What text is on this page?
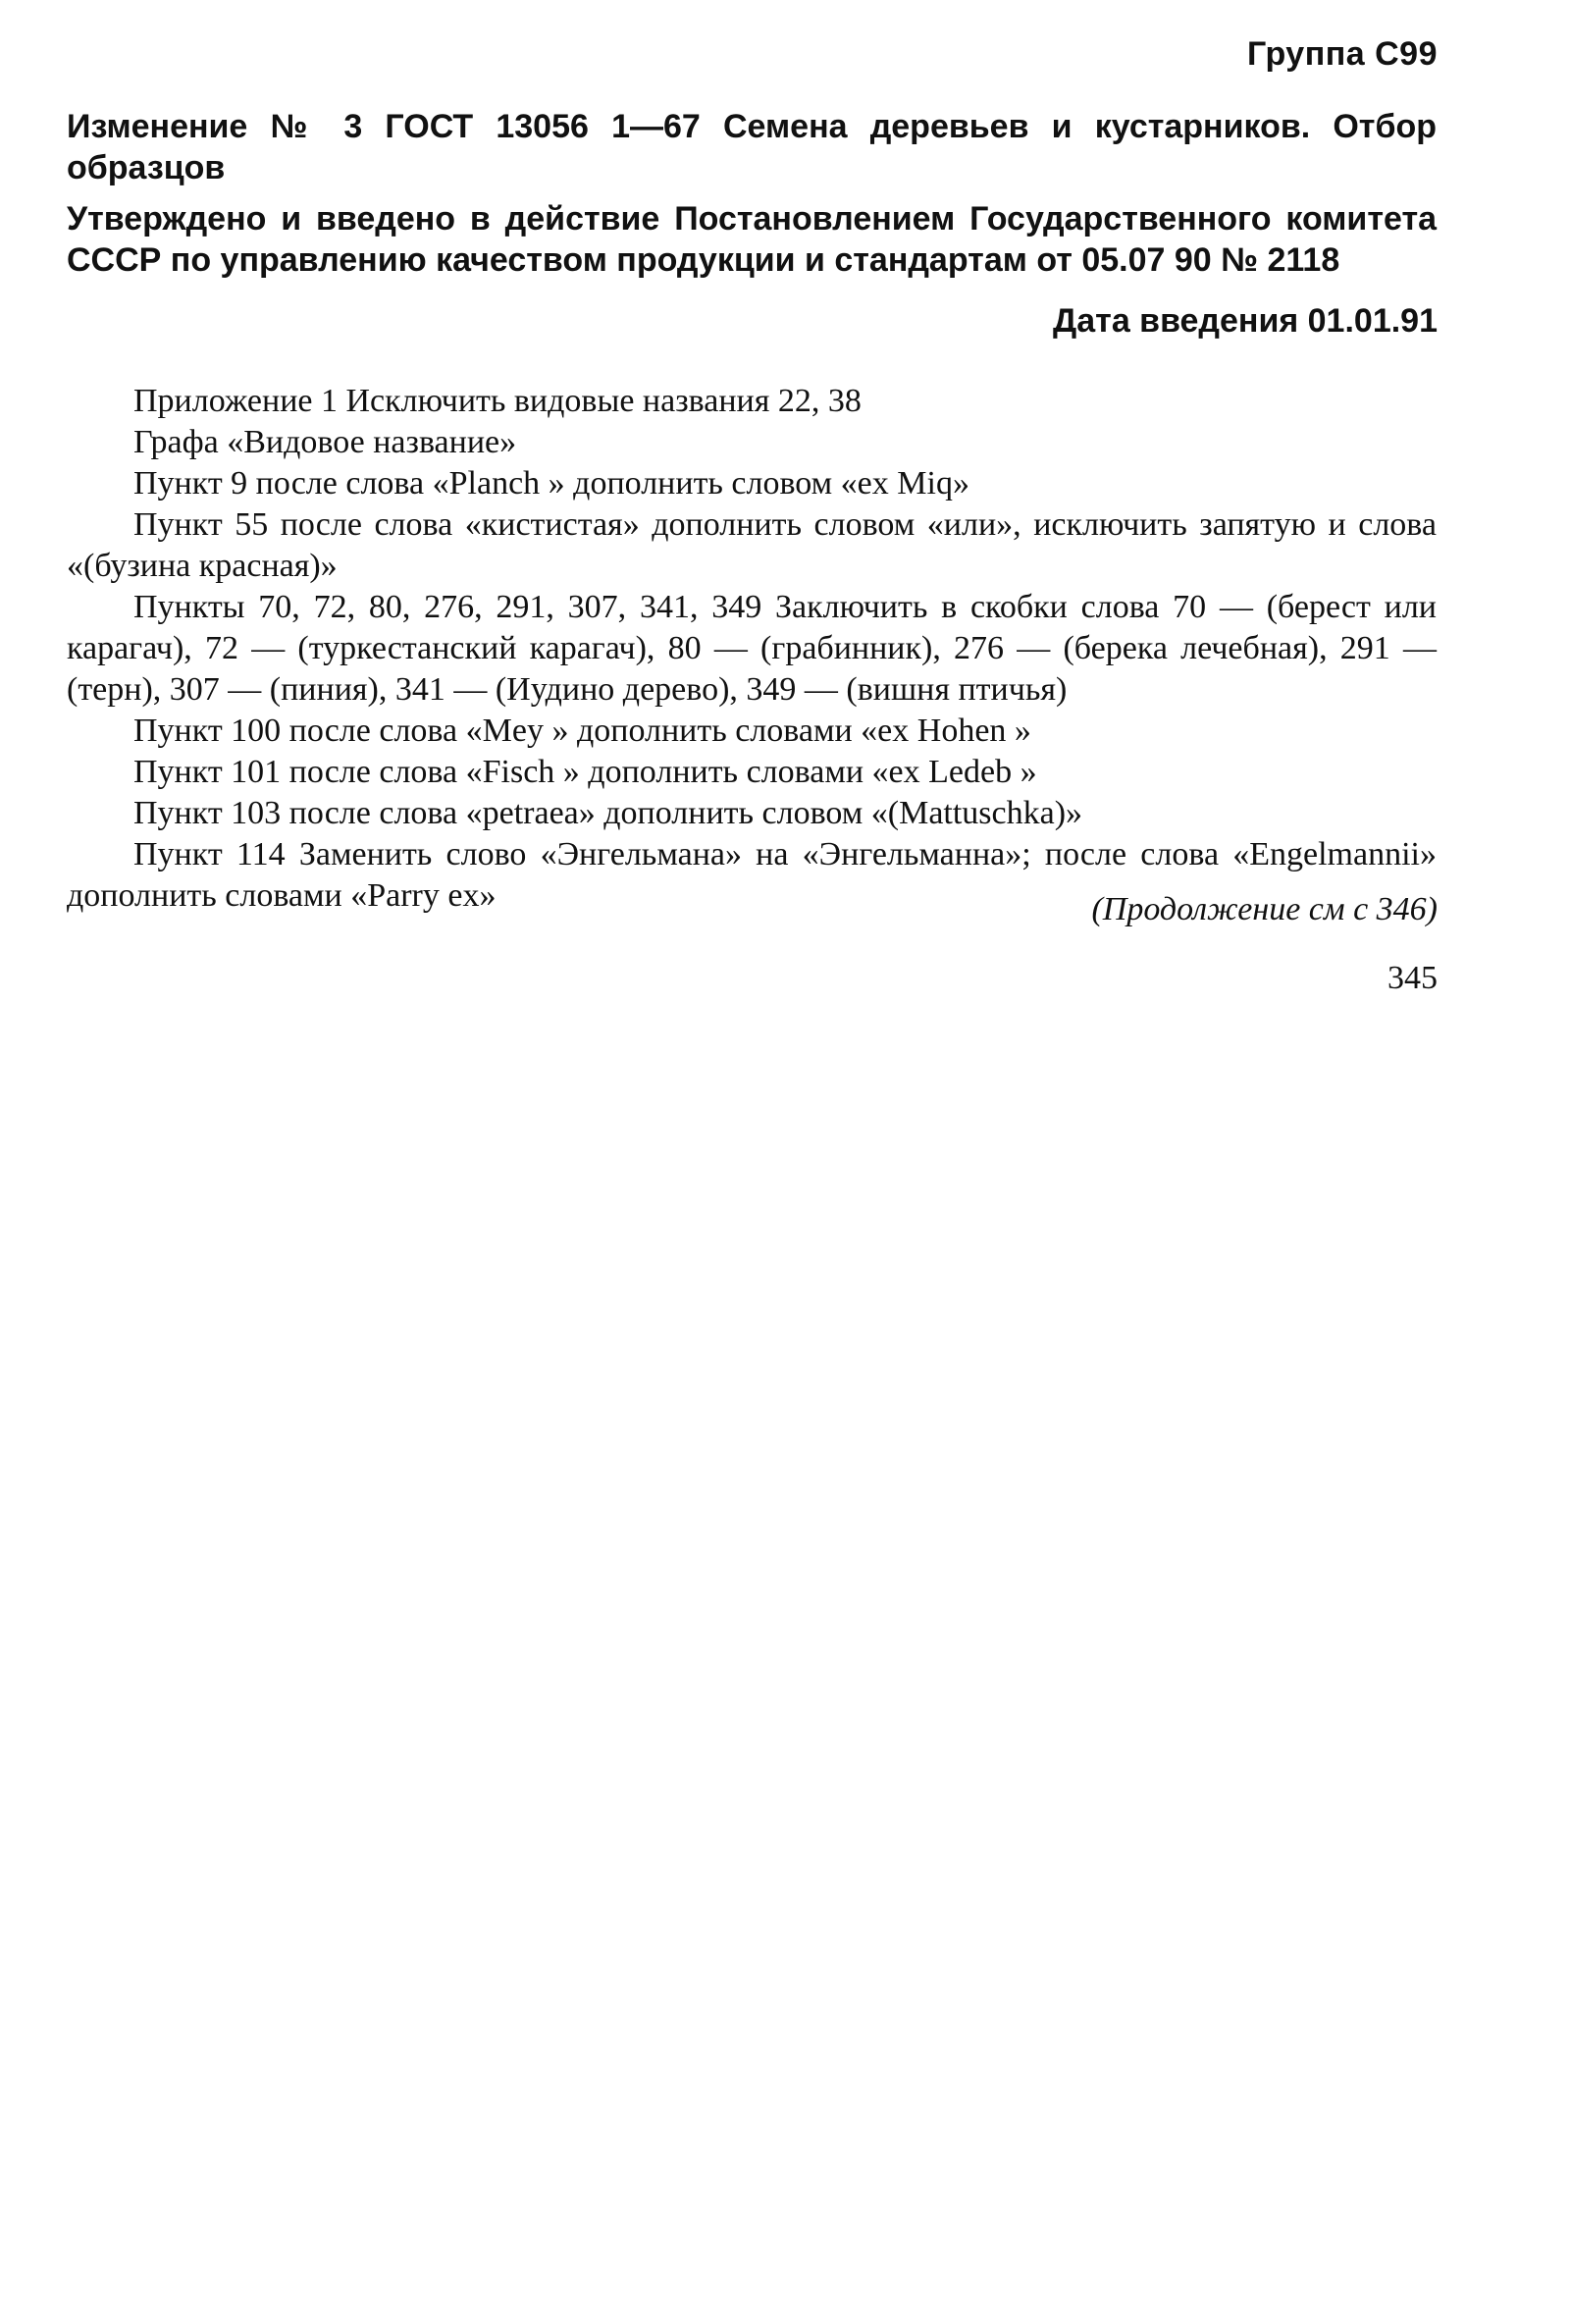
Группа С99
Изменение № 3 ГОСТ 13056 1—67 Семена деревьев и кустарников. Отбор образцов
Утверждено и введено в действие Постановлением Государственного комитета СССР по управлению качеством продукции и стандартам от 05.07 90 № 2118
Дата введения 01.01.91

Приложение 1 Исключить видовые названия 22, 38

Графа «Видовое название»

Пункт 9 после слова «Planch » дополнить словом «ex Miq»

Пункт 55 после слова «кистистая» дополнить словом «или», исключить запятую и слова «(бузина красная)»

Пункты 70, 72, 80, 276, 291, 307, 341, 349 Заключить в скобки слова 70 — (берест или карагач), 72 — (туркестанский карагач), 80 — (грабинник), 276 — (берека лечебная), 291 — (терн), 307 — (пиния), 341 — (Иудино дерево), 349 — (вишня птичья)

Пункт 100 после слова «Mey » дополнить словами «ex Hohen »

Пункт 101 после слова «Fisch » дополнить словами «ex Ledeb »

Пункт 103 после слова «petraea» дополнить словом «(Mattuschka)»

Пункт 114 Заменить слово «Энгельмана» на «Энгельманна»; после слова «Engelmannii» дополнить словами «Parry ex»	(Продолжение см с 346)
345
